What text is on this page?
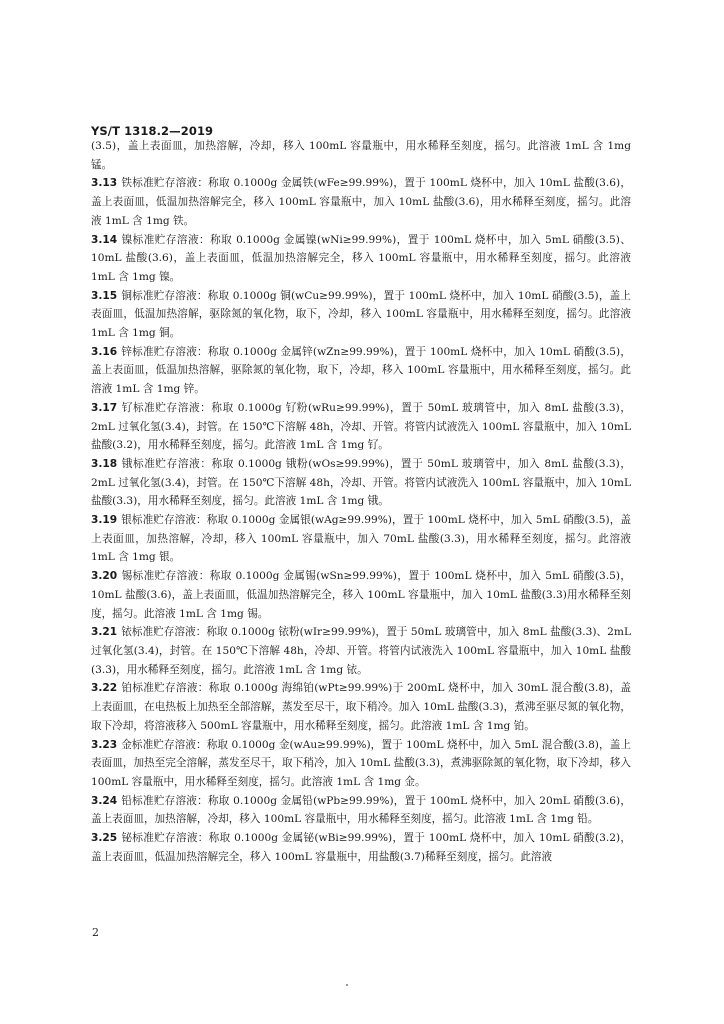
YS/T 1318.2—2019

(3.5)，盖上表面皿，加热溶解，冷却，移入 100mL 容量瓶中，用水稀释至刻度，摇匀。此溶液 1mL 含 1mg 锰。

3.13 铁标准贮存溶液：称取 0.1000g 金属铁(wFe≥99.99%)，置于 100mL 烧杯中，加入 10mL 盐酸(3.6)，盖上表面皿，低温加热溶解完全，移入 100mL 容量瓶中，加入 10mL 盐酸(3.6)，用水稀释至刻度，摇匀。此溶液 1mL 含 1mg 铁。

3.14 镍标准贮存溶液：称取 0.1000g 金属镍(wNi≥99.99%)，置于 100mL 烧杯中，加入 5mL 硝酸(3.5)、10mL 盐酸(3.6)，盖上表面皿，低温加热溶解完全，移入 100mL 容量瓶中，用水稀释至刻度，摇匀。此溶液 1mL 含 1mg 镍。

3.15 铜标准贮存溶液：称取 0.1000g 铜(wCu≥99.99%)，置于 100mL 烧杯中，加入 10mL 硝酸(3.5)，盖上表面皿，低温加热溶解，驱除氮的氧化物，取下，冷却，移入 100mL 容量瓶中，用水稀释至刻度，摇匀。此溶液 1mL 含 1mg 铜。

3.16 锌标准贮存溶液：称取 0.1000g 金属锌(wZn≥99.99%)，置于 100mL 烧杯中，加入 10mL 硝酸(3.5)，盖上表面皿，低温加热溶解，驱除氮的氧化物，取下，冷却，移入 100mL 容量瓶中，用水稀释至刻度，摇匀。此溶液 1mL 含 1mg 锌。

3.17 钌标准贮存溶液：称取 0.1000g 钌粉(wRu≥99.99%)，置于 50mL 玻璃管中，加入 8mL 盐酸(3.3)，2mL 过氧化氢(3.4)，封管。在 150℃下溶解 48h，冷却、开管。将管内试液洗入 100mL 容量瓶中，加入 10mL 盐酸(3.2)，用水稀释至刻度，摇匀。此溶液 1mL 含 1mg 钌。

3.18 锇标准贮存溶液：称取 0.1000g 锇粉(wOs≥99.99%)，置于 50mL 玻璃管中，加入 8mL 盐酸(3.3)，2mL 过氧化氢(3.4)，封管。在 150℃下溶解 48h，冷却、开管。将管内试液洗入 100mL 容量瓶中，加入 10mL 盐酸(3.3)，用水稀释至刻度，摇匀。此溶液 1mL 含 1mg 锇。

3.19 银标准贮存溶液：称取 0.1000g 金属银(wAg≥99.99%)，置于 100mL 烧杯中，加入 5mL 硝酸(3.5)，盖上表面皿，加热溶解，冷却，移入 100mL 容量瓶中，加入 70mL 盐酸(3.3)，用水稀释至刻度，摇匀。此溶液 1mL 含 1mg 银。

3.20 锡标准贮存溶液：称取 0.1000g 金属锡(wSn≥99.99%)，置于 100mL 烧杯中，加入 5mL 硝酸(3.5)，10mL 盐酸(3.6)，盖上表面皿，低温加热溶解完全，移入 100mL 容量瓶中，加入 10mL 盐酸(3.3)用水稀释至刻度，摇匀。此溶液 1mL 含 1mg 锡。

3.21 铱标准贮存溶液：称取 0.1000g 铱粉(wIr≥99.99%)，置于 50mL 玻璃管中，加入 8mL 盐酸(3.3)、2mL 过氧化氢(3.4)，封管。在 150℃下溶解 48h，冷却、开管。将管内试液洗入 100mL 容量瓶中，加入 10mL 盐酸(3.3)，用水稀释至刻度，摇匀。此溶液 1mL 含 1mg 铱。

3.22 铂标准贮存溶液：称取 0.1000g 海绵铂(wPt≥99.99%)于 200mL 烧杯中，加入 30mL 混合酸(3.8)，盖上表面皿，在电热板上加热至全部溶解，蒸发至尽干，取下稍冷。加入 10mL 盐酸(3.3)，煮沸至驱尽氮的氧化物，取下冷却，将溶液移入 500mL 容量瓶中，用水稀释至刻度，摇匀。此溶液 1mL 含 1mg 铂。

3.23 金标准贮存溶液：称取 0.1000g 金(wAu≥99.99%)，置于 100mL 烧杯中，加入 5mL 混合酸(3.8)，盖上表面皿，加热至完全溶解，蒸发至尽干，取下稍冷，加入 10mL 盐酸(3.3)，煮沸驱除氮的氧化物，取下冷却，移入 100mL 容量瓶中，用水稀释至刻度，摇匀。此溶液 1mL 含 1mg 金。

3.24 铅标准贮存溶液：称取 0.1000g 金属铅(wPb≥99.99%)，置于 100mL 烧杯中，加入 20mL 硝酸(3.6)，盖上表面皿，加热溶解，冷却，移入 100mL 容量瓶中，用水稀释至刻度，摇匀。此溶液 1mL 含 1mg 铅。

3.25 铋标准贮存溶液：称取 0.1000g 金属铋(wBi≥99.99%)，置于 100mL 烧杯中，加入 10mL 硝酸(3.2)，盖上表面皿，低温加热溶解完全，移入 100mL 容量瓶中，用盐酸(3.7)稀释至刻度，摇匀。此溶液

2
